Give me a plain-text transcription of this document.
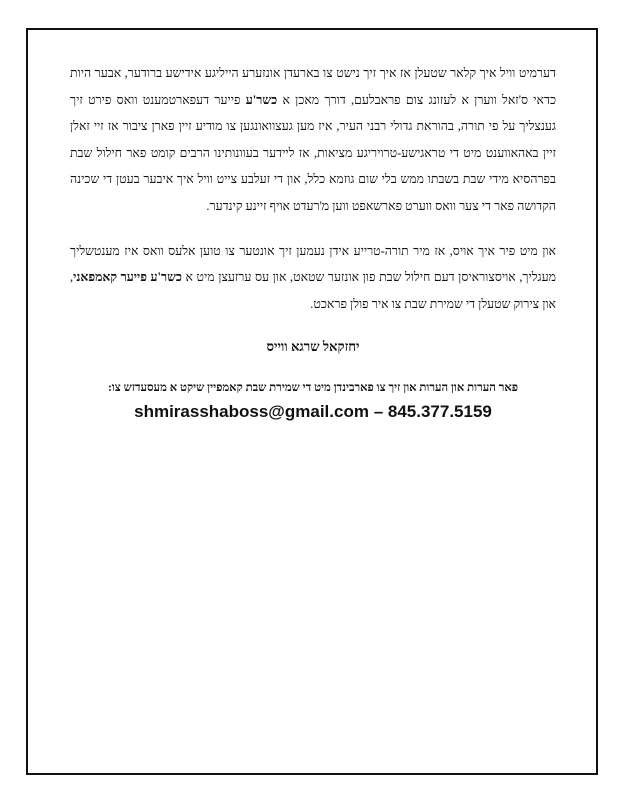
דערמיט וויל איך קלאר שטעלן אז איך זיך נישט צו בארעדן אונזערע הייליגע אידישע ברודער, אבער היות כדאי ס'זאל ווערן א לעזונג צום פראבלעם, דורך מאכן א כשר'ע פייער דעפארטמענט וואס פירט זיך גענצליך על פי תורה, בהוראת גדולי רבני העיר, איז מען געצוואונגען צו מודיע זיין פארן ציבור אז זיי זאלן זיין באהאווענט מיט די טראגישע-טרויריגע מציאות, אז ליידער בעוונותינו הרבים קומט פאר חילול שבת בפרהסיא מידי שבת בשבתו ממש בלי שום גוזמא כלל, און די זעלבע צייט וויל איך איבער בעטן די שכינה הקדושה פאר די צער וואס ווערט פארשאפט ווען מ'רעדט אויף זיינע קינדער.

און מיט פיר איך אויס, אז מיר תורה-טרייע אידן נעמען זיך אונטער צו טוען אלעס וואס איז מענטשליך מעגליך, אויסצוראיסן דעם חילול שבת פון אונזער שטאט, און עס ערזעצן מיט א כשר'ע פייער קאמפאני, און צירוק שטעלן די שמירת שבת צו איר פולן פראכט.

יחזקאל שרגא ווייס
פאר הערות און הערות און זיך צו פארבינדן מיט די שמירת שבת קאמפיין שיקט א מעסעדזש צו:
shmirasshaboss@gmail.com – 845.377.5159
